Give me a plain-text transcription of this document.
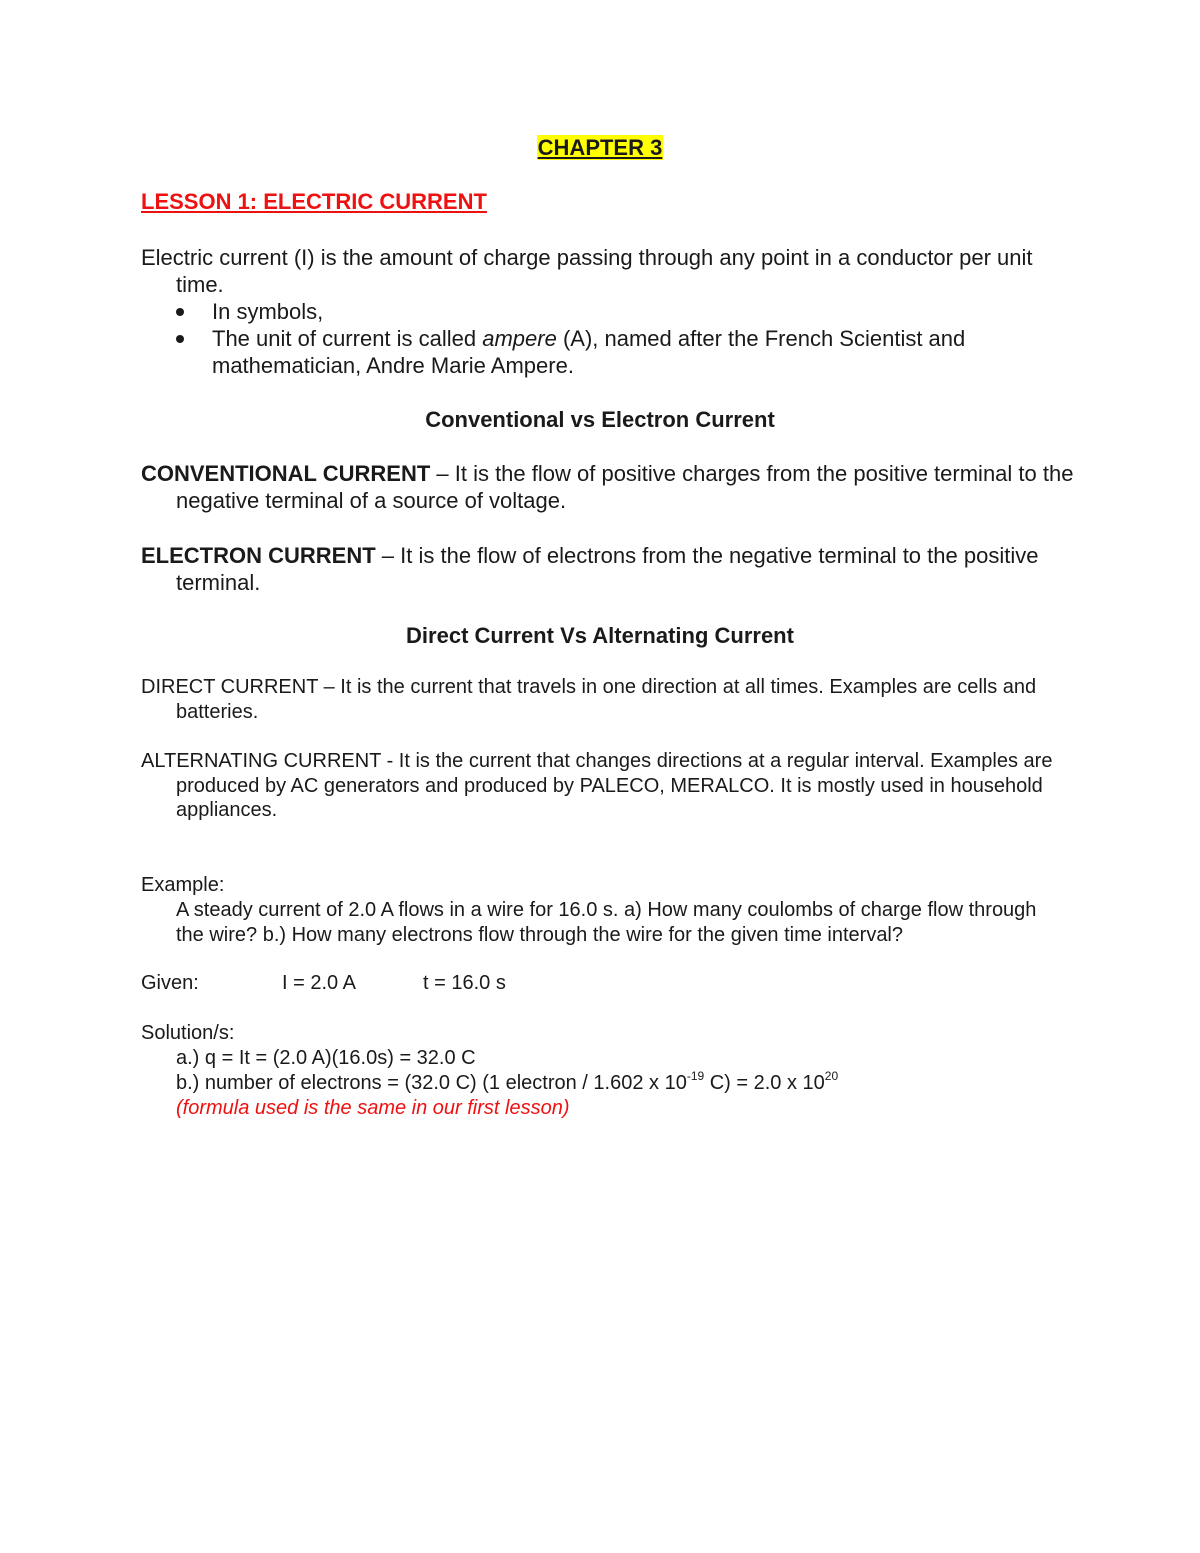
CHAPTER 3
LESSON 1: ELECTRIC CURRENT
Electric current (I) is the amount of charge passing through any point in a conductor per unit time.
In symbols,
The unit of current is called ampere (A), named after the French Scientist and mathematician, Andre Marie Ampere.
Conventional vs Electron Current
CONVENTIONAL CURRENT – It is the flow of positive charges from the positive terminal to the negative terminal of a source of voltage.
ELECTRON CURRENT – It is the flow of electrons from the negative terminal to the positive terminal.
Direct Current Vs Alternating Current
DIRECT CURRENT – It is the current that travels in one direction at all times. Examples are cells and batteries.
ALTERNATING CURRENT - It is the current that changes directions at a regular interval. Examples are produced by AC generators and produced by PALECO, MERALCO. It is mostly used in household appliances.
Example:
A steady current of 2.0 A flows in a wire for 16.0 s. a) How many coulombs of charge flow through the wire? b.) How many electrons flow through the wire for the given time interval?
Given:	I = 2.0 A	t = 16.0 s
Solution/s:
a.) q = It = (2.0 A)(16.0s) = 32.0 C
b.) number of electrons = (32.0 C) (1 electron / 1.602 x $10^{-19}$ C) = 2.0 x $10^{20}$
(formula used is the same in our first lesson)
